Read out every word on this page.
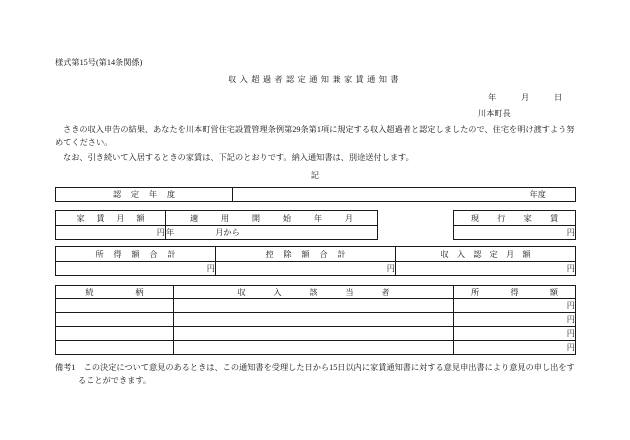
様式第15号(第14条関係)
収入超過者認定通知兼家賃通知書
年	月	日
川本町長
さきの収入申告の結果、あなたを川本町営住宅設置管理条例第29条第1項に規定する収入超過者と認定しましたので、住宅を明け渡すよう努
めてください。
なお、引き続いて入居するときの家賃は、下記のとおりです。納入通知書は、別途送付します。
記
認　定　年　度	年度
家　賃　月　額	適　用　開　始　年　月
円	年 月から
現　行　家　賃
円
所　得　額　合　計	控　除　額　合　計	収　入　認　定　月　額
円	円	円
続　　　柄	収　入　該　当　者	所　得　額
		円
		円
		円
		円
備考1　この決定について意見のあるときは、この通知書を受理した日から15日以内に家賃通知書に対する意見申出書により意見の申し出をす
ることができます。
